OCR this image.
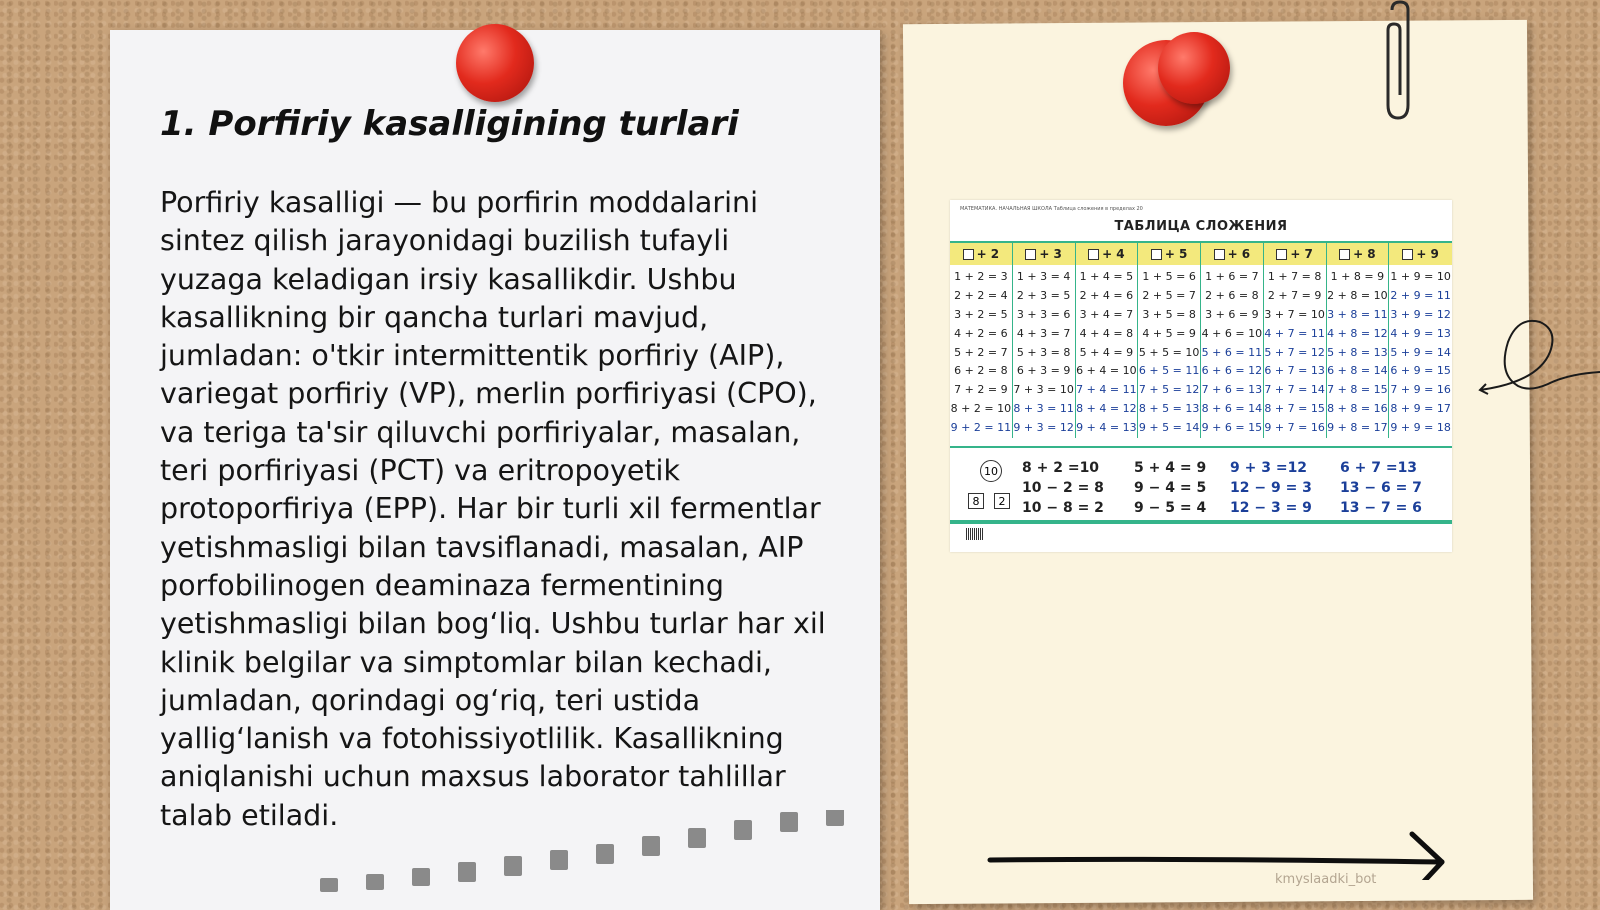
1. Porfiriy kasalligining turlari

Porfiriy kasalligi — bu porfirin moddalarini sintez qilish jarayonidagi buzilish tufayli yuzaga keladigan irsiy kasallikdir. Ushbu kasallikning bir qancha turlari mavjud, jumladan: o'tkir intermittentik porfiriy (AIP), variegat porfiriy (VP), merlin porfiriyasi (CPO), va teriga ta'sir qiluvchi porfiriyalar, masalan, teri porfiriyasi (PCT) va eritropoyetik protoporfiriya (EPP). Har bir turli xil fermentlar yetishmasligi bilan tavsiflanadi, masalan, AIP porfobilinogen deaminaza fermentining yetishmasligi bilan bog‘liq. Ushbu turlar har xil klinik belgilar va simptomlar bilan kechadi, jumladan, qorindagi og‘riq, teri ustida yallig‘lanish va fotohissiyotlilik. Kasallikning aniqlanishi uchun maxsus laborator tahlillar talab etiladi.

МАТЕМАТИКА. НАЧАЛЬНАЯ ШКОЛА Таблица сложения в пределах 20
ТАБЛИЦА СЛОЖЕНИЯ
+ 2
1 + 2 = 3
2 + 2 = 4
3 + 2 = 5
4 + 2 = 6
5 + 2 = 7
6 + 2 = 8
7 + 2 = 9
8 + 2 = 10
9 + 2 = 11
+ 3
1 + 3 = 4
2 + 3 = 5
3 + 3 = 6
4 + 3 = 7
5 + 3 = 8
6 + 3 = 9
7 + 3 = 10
8 + 3 = 11
9 + 3 = 12
+ 4
1 + 4 = 5
2 + 4 = 6
3 + 4 = 7
4 + 4 = 8
5 + 4 = 9
6 + 4 = 10
7 + 4 = 11
8 + 4 = 12
9 + 4 = 13
+ 5
1 + 5 = 6
2 + 5 = 7
3 + 5 = 8
4 + 5 = 9
5 + 5 = 10
6 + 5 = 11
7 + 5 = 12
8 + 5 = 13
9 + 5 = 14
+ 6
1 + 6 = 7
2 + 6 = 8
3 + 6 = 9
4 + 6 = 10
5 + 6 = 11
6 + 6 = 12
7 + 6 = 13
8 + 6 = 14
9 + 6 = 15
+ 7
1 + 7 = 8
2 + 7 = 9
3 + 7 = 10
4 + 7 = 11
5 + 7 = 12
6 + 7 = 13
7 + 7 = 14
8 + 7 = 15
9 + 7 = 16
+ 8
1 + 8 = 9
2 + 8 = 10
3 + 8 = 11
4 + 8 = 12
5 + 8 = 13
6 + 8 = 14
7 + 8 = 15
8 + 8 = 16
9 + 8 = 17
+ 9
1 + 9 = 10
2 + 9 = 11
3 + 9 = 12
4 + 9 = 13
5 + 9 = 14
6 + 9 = 15
7 + 9 = 16
8 + 9 = 17
9 + 9 = 18
10
8	2
8 + 2 =10
10 − 2 = 8
10 − 8 = 2
5 + 4 = 9
9 − 4 = 5
9 − 5 = 4
9 + 3 =12
12 − 9 = 3
12 − 3 = 9
6 + 7 =13
13 − 6 = 7
13 − 7 = 6
kmyslaadki_bot
